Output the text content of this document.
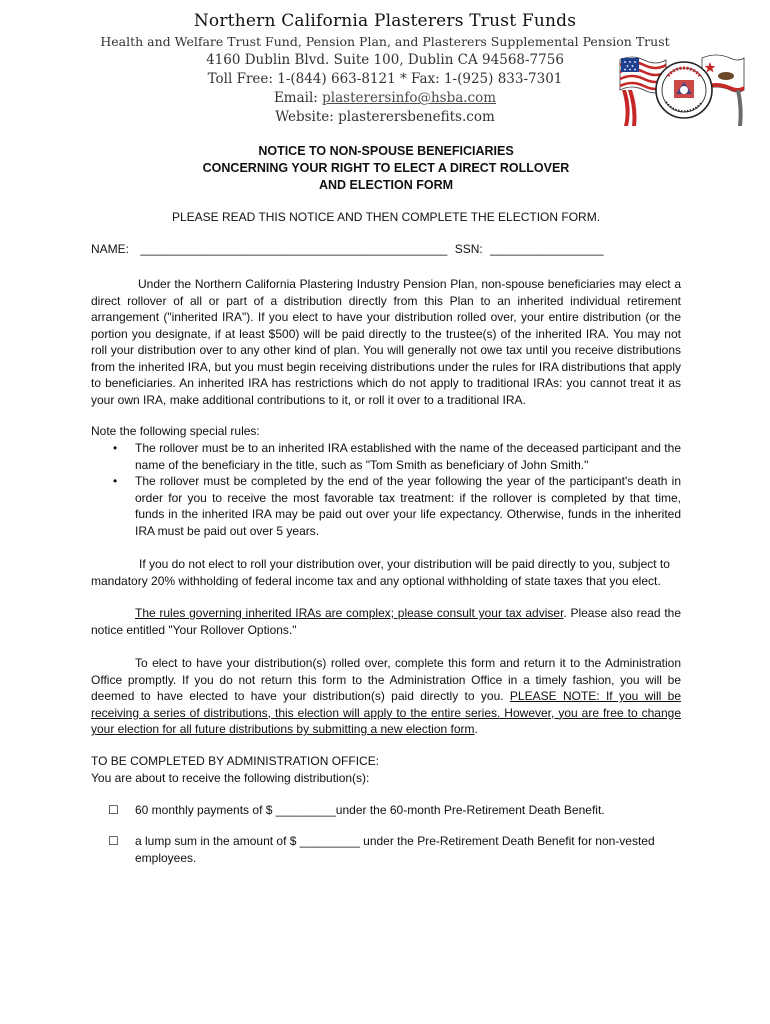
Northern California Plasterers Trust Funds
Health and Welfare Trust Fund, Pension Plan, and Plasterers Supplemental Pension Trust
4160 Dublin Blvd. Suite 100, Dublin CA 94568-7756
Toll Free: 1-(844) 663-8121 * Fax: 1-(925) 833-7301
Email: plasterersinfo@hsba.com
Website: plasterersbenefits.com
NOTICE TO NON-SPOUSE BENEFICIARIES
CONCERNING YOUR RIGHT TO ELECT A DIRECT ROLLOVER
AND ELECTION FORM
PLEASE READ THIS NOTICE AND THEN COMPLETE THE ELECTION FORM.
NAME: ______________________________________________ SSN: _________________
Under the Northern California Plastering Industry Pension Plan, non-spouse beneficiaries may elect a direct rollover of all or part of a distribution directly from this Plan to an inherited individual retirement arrangement ("inherited IRA"). If you elect to have your distribution rolled over, your entire distribution (or the portion you designate, if at least $500) will be paid directly to the trustee(s) of the inherited IRA. You may not roll your distribution over to any other kind of plan. You will generally not owe tax until you receive distributions from the inherited IRA, but you must begin receiving distributions under the rules for IRA distributions that apply to beneficiaries. An inherited IRA has restrictions which do not apply to traditional IRAs: you cannot treat it as your own IRA, make additional contributions to it, or roll it over to a traditional IRA.
Note the following special rules:
• The rollover must be to an inherited IRA established with the name of the deceased participant and the name of the beneficiary in the title, such as "Tom Smith as beneficiary of John Smith."
• The rollover must be completed by the end of the year following the year of the participant's death in order for you to receive the most favorable tax treatment: if the rollover is completed by that time, funds in the inherited IRA may be paid out over your life expectancy. Otherwise, funds in the inherited IRA must be paid out over 5 years.
If you do not elect to roll your distribution over, your distribution will be paid directly to you, subject to mandatory 20% withholding of federal income tax and any optional withholding of state taxes that you elect.
The rules governing inherited IRAs are complex; please consult your tax adviser. Please also read the notice entitled "Your Rollover Options."
To elect to have your distribution(s) rolled over, complete this form and return it to the Administration Office promptly. If you do not return this form to the Administration Office in a timely fashion, you will be deemed to have elected to have your distribution(s) paid directly to you. PLEASE NOTE: If you will be receiving a series of distributions, this election will apply to the entire series. However, you are free to change your election for all future distributions by submitting a new election form.
TO BE COMPLETED BY ADMINISTRATION OFFICE:
You are about to receive the following distribution(s):
☐	60 monthly payments of $ _________under the 60-month Pre-Retirement Death Benefit.
☐	a lump sum in the amount of $ _________ under the Pre-Retirement Death Benefit for non-vested employees.
